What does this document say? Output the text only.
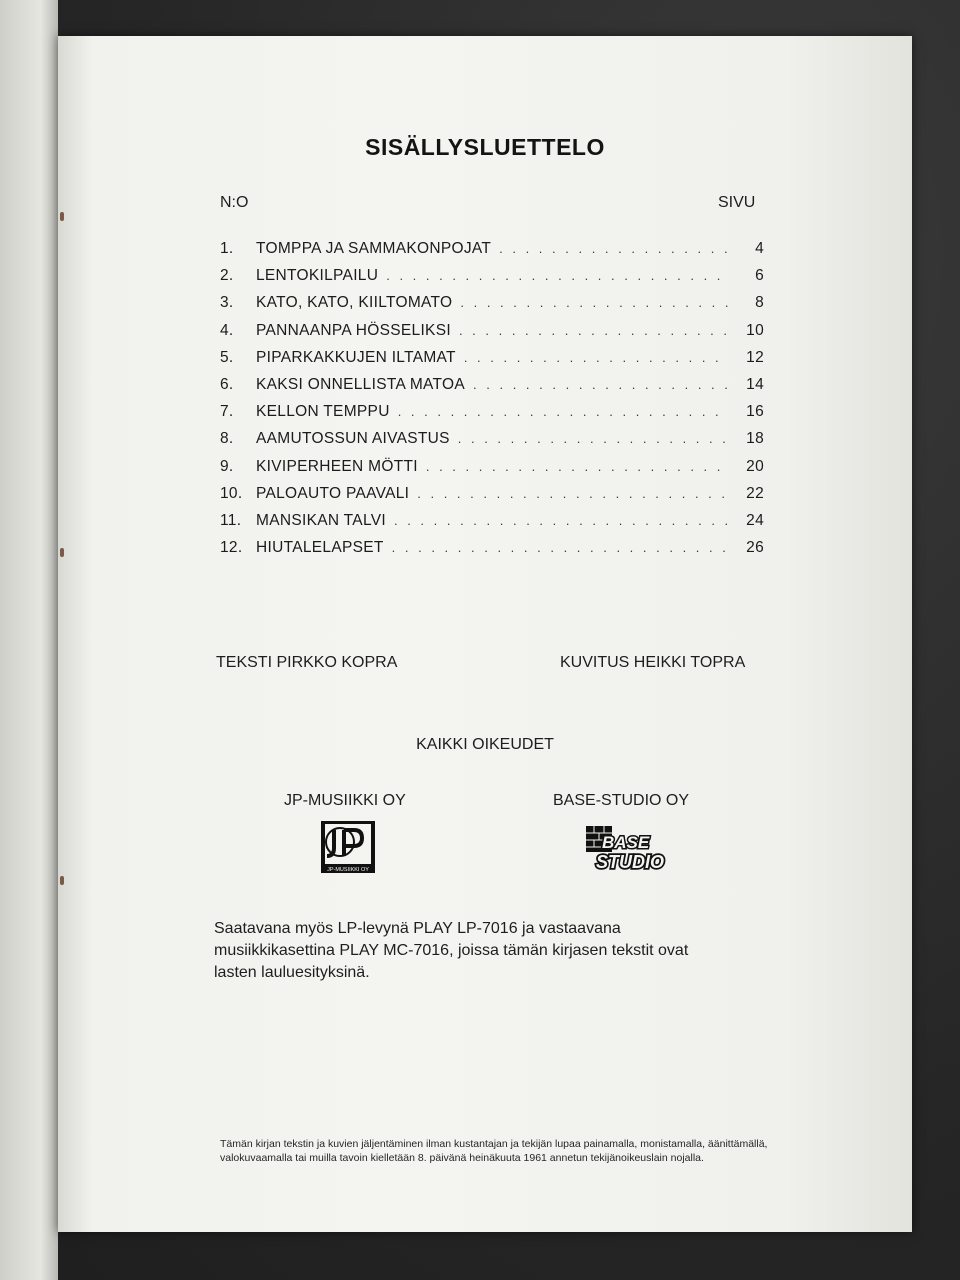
SISÄLLYSLUETTELO
N:O	SIVU
1.	TOMPPA JA SAMMAKONPOJAT . . .	4
2.	LENTOKILPAILU . . .	6
3.	KATO, KATO, KIILTOMATO . . .	8
4.	PANNAANPA HÖSSELIKSI . . .	10
5.	PIPARKAKKUJEN ILTAMAT . . .	12
6.	KAKSI ONNELLISTA MATOA . . .	14
7.	KELLON TEMPPU . . .	16
8.	AAMUTOSSUN AIVASTUS . . .	18
9.	KIVIPERHEEN MÖTTI . . .	20
10. PALOAUTO PAAVALI . . .	22
11. MANSIKAN TALVI . . .	24
12. HIUTALELAPSET . . .	26
TEKSTI PIRKKO KOPRA	KUVITUS HEIKKI TOPRA
KAIKKI OIKEUDET
JP-MUSIIKKI OY	BASE-STUDIO OY
JP-MUSIIKKI OY
BASE
STUDIO

Saatavana myös LP-levynä PLAY LP-7016 ja vastaavana musiikkikasettina PLAY MC-7016, joissa tämän kirjasen tekstit ovat lasten lauluesityksinä.

Tämän kirjan tekstin ja kuvien jäljentäminen ilman kustantajan ja tekijän lupaa painamalla, monistamalla, äänittämällä, valokuvaamalla tai muilla tavoin kielletään 8. päivänä heinäkuuta 1961 annetun tekijänoikeuslain nojalla.
